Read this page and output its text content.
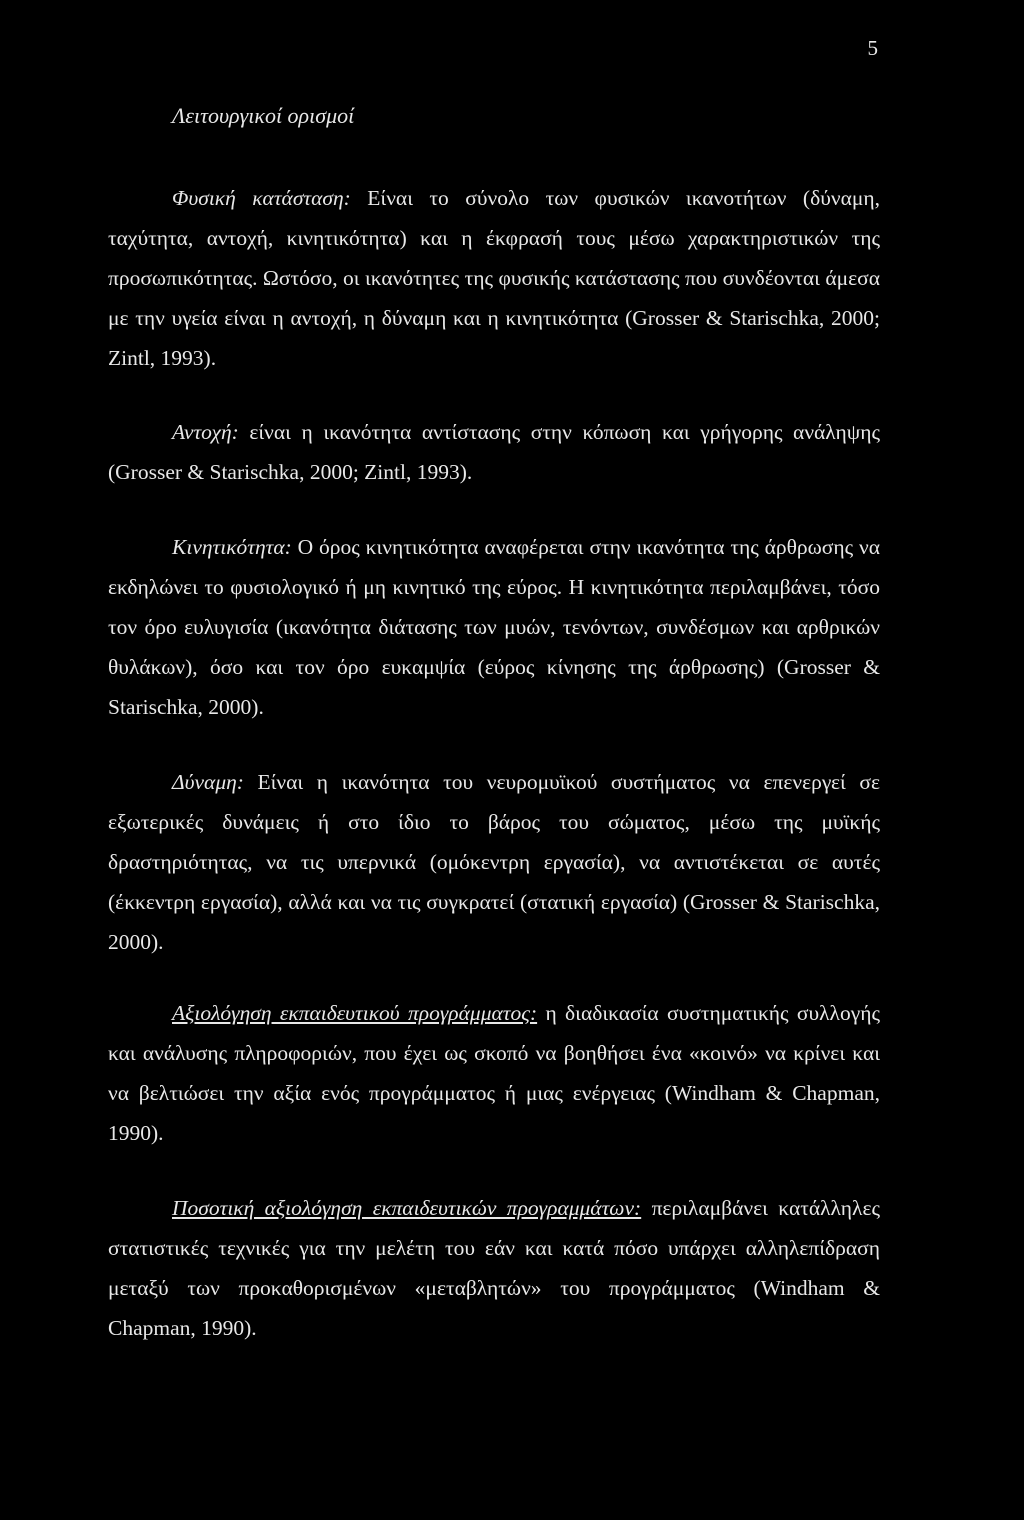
5
Λειτουργικοί ορισμοί

Φυσική κατάσταση: Είναι το σύνολο των φυσικών ικανοτήτων (δύναμη, ταχύτητα, αντοχή, κινητικότητα) και η έκφρασή τους μέσω χαρακτηριστικών της προσωπικότητας. Ωστόσο, οι ικανότητες της φυσικής κατάστασης που συνδέονται άμεσα με την υγεία είναι η αντοχή, η δύναμη και η κινητικότητα (Grosser & Starischka, 2000; Zintl, 1993).

Αντοχή: είναι η ικανότητα αντίστασης στην κόπωση και γρήγορης ανάληψης (Grosser & Starischka, 2000; Zintl, 1993).

Κινητικότητα: Ο όρος κινητικότητα αναφέρεται στην ικανότητα της άρθρωσης να εκδηλώνει το φυσιολογικό ή μη κινητικό της εύρος. Η κινητικότητα περιλαμβάνει, τόσο τον όρο ευλυγισία (ικανότητα διάτασης των μυών, τενόντων, συνδέσμων και αρθρικών θυλάκων), όσο και τον όρο ευκαμψία (εύρος κίνησης της άρθρωσης) (Grosser & Starischka, 2000).

Δύναμη: Είναι η ικανότητα του νευρομυϊκού συστήματος να επενεργεί σε εξωτερικές δυνάμεις ή στο ίδιο το βάρος του σώματος, μέσω της μυϊκής δραστηριότητας, να τις υπερνικά (ομόκεντρη εργασία), να αντιστέκεται σε αυτές (έκκεντρη εργασία), αλλά και να τις συγκρατεί (στατική εργασία) (Grosser & Starischka, 2000).

Αξιολόγηση εκπαιδευτικού προγράμματος: η διαδικασία συστηματικής συλλογής και ανάλυσης πληροφοριών, που έχει ως σκοπό να βοηθήσει ένα «κοινό» να κρίνει και να βελτιώσει την αξία ενός προγράμματος ή μιας ενέργειας (Windham & Chapman, 1990).

Ποσοτική αξιολόγηση εκπαιδευτικών προγραμμάτων: περιλαμβάνει κατάλληλες στατιστικές τεχνικές για την μελέτη του εάν και κατά πόσο υπάρχει αλληλεπίδραση μεταξύ των προκαθορισμένων «μεταβλητών» του προγράμματος (Windham & Chapman, 1990).
